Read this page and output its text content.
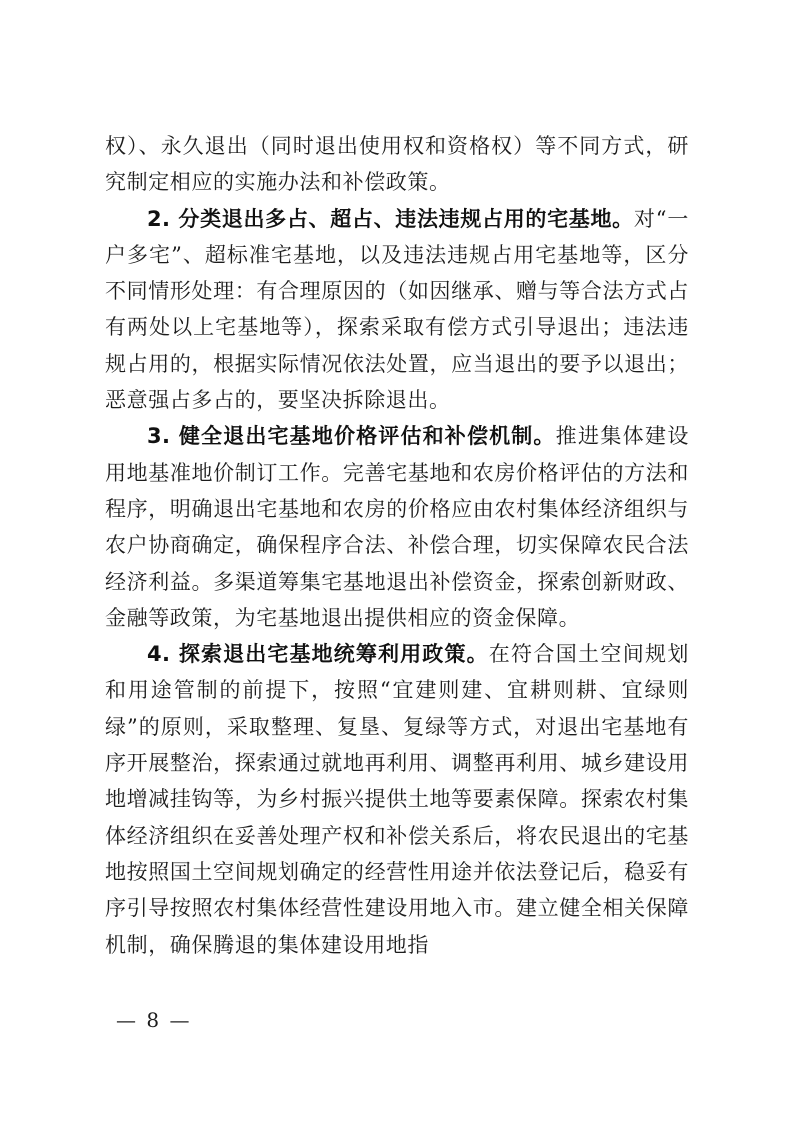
权）、永久退出（同时退出使用权和资格权）等不同方式，研究制定相应的实施办法和补偿政策。

2. 分类退出多占、超占、违法违规占用的宅基地。对“一户多宅”、超标准宅基地，以及违法违规占用宅基地等，区分不同情形处理：有合理原因的（如因继承、赠与等合法方式占有两处以上宅基地等），探索采取有偿方式引导退出；违法违规占用的，根据实际情况依法处置，应当退出的要予以退出；恶意强占多占的，要坚决拆除退出。

3. 健全退出宅基地价格评估和补偿机制。推进集体建设用地基准地价制订工作。完善宅基地和农房价格评估的方法和程序，明确退出宅基地和农房的价格应由农村集体经济组织与农户协商确定，确保程序合法、补偿合理，切实保障农民合法经济利益。多渠道筹集宅基地退出补偿资金，探索创新财政、金融等政策，为宅基地退出提供相应的资金保障。

4. 探索退出宅基地统筹利用政策。在符合国土空间规划和用途管制的前提下，按照“宜建则建、宜耕则耕、宜绿则绿”的原则，采取整理、复垦、复绿等方式，对退出宅基地有序开展整治，探索通过就地再利用、调整再利用、城乡建设用地增减挂钩等，为乡村振兴提供土地等要素保障。探索农村集体经济组织在妥善处理产权和补偿关系后，将农民退出的宅基地按照国土空间规划确定的经营性用途并依法登记后，稳妥有序引导按照农村集体经营性建设用地入市。建立健全相关保障机制，确保腾退的集体建设用地指

— 8 —
